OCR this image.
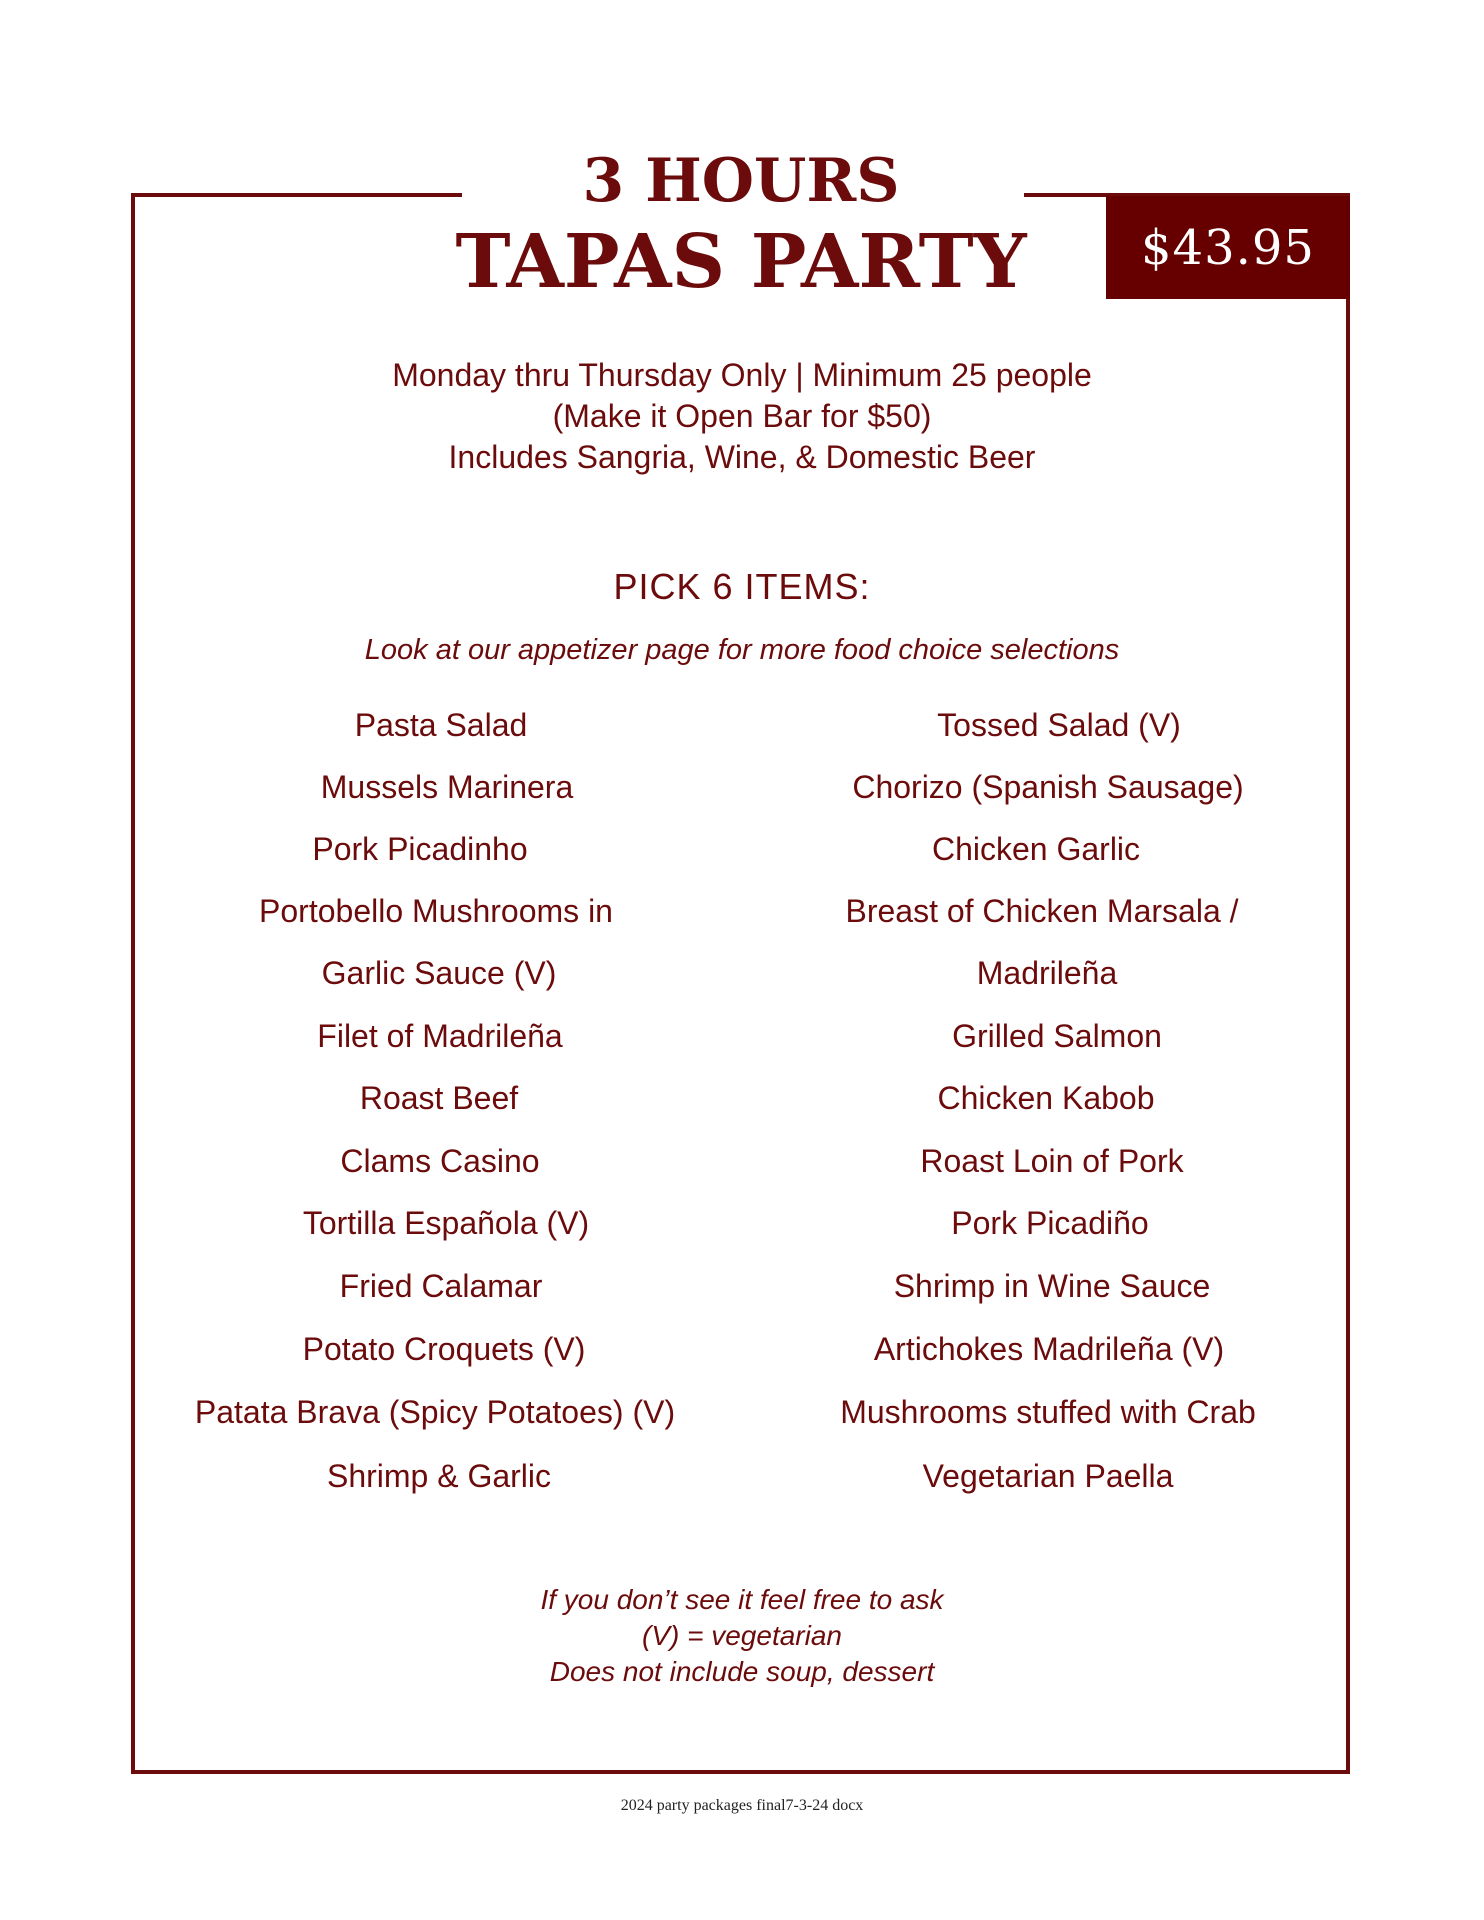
3 HOURS
TAPAS PARTY	$43.95
Monday thru Thursday Only | Minimum 25 people
(Make it Open Bar for $50)
Includes Sangria, Wine, & Domestic Beer
PICK 6 ITEMS:
Look at our appetizer page for more food choice selections
Pasta Salad
Mussels Marinera
Pork Picadinho
Portobello Mushrooms in
Garlic Sauce (V)
Filet of Madrileña
Roast Beef
Clams Casino
Tortilla Española (V)
Fried Calamar
Potato Croquets (V)
Patata Brava (Spicy Potatoes) (V)
Shrimp & Garlic
Tossed Salad (V)
Chorizo (Spanish Sausage)
Chicken Garlic
Breast of Chicken Marsala /
Madrileña
Grilled Salmon
Chicken Kabob
Roast Loin of Pork
Pork Picadiño
Shrimp in Wine Sauce
Artichokes Madrileña (V)
Mushrooms stuffed with Crab
Vegetarian Paella
If you don’t see it feel free to ask
(V) = vegetarian
Does not include soup, dessert
2024 party packages final7-3-24 docx
